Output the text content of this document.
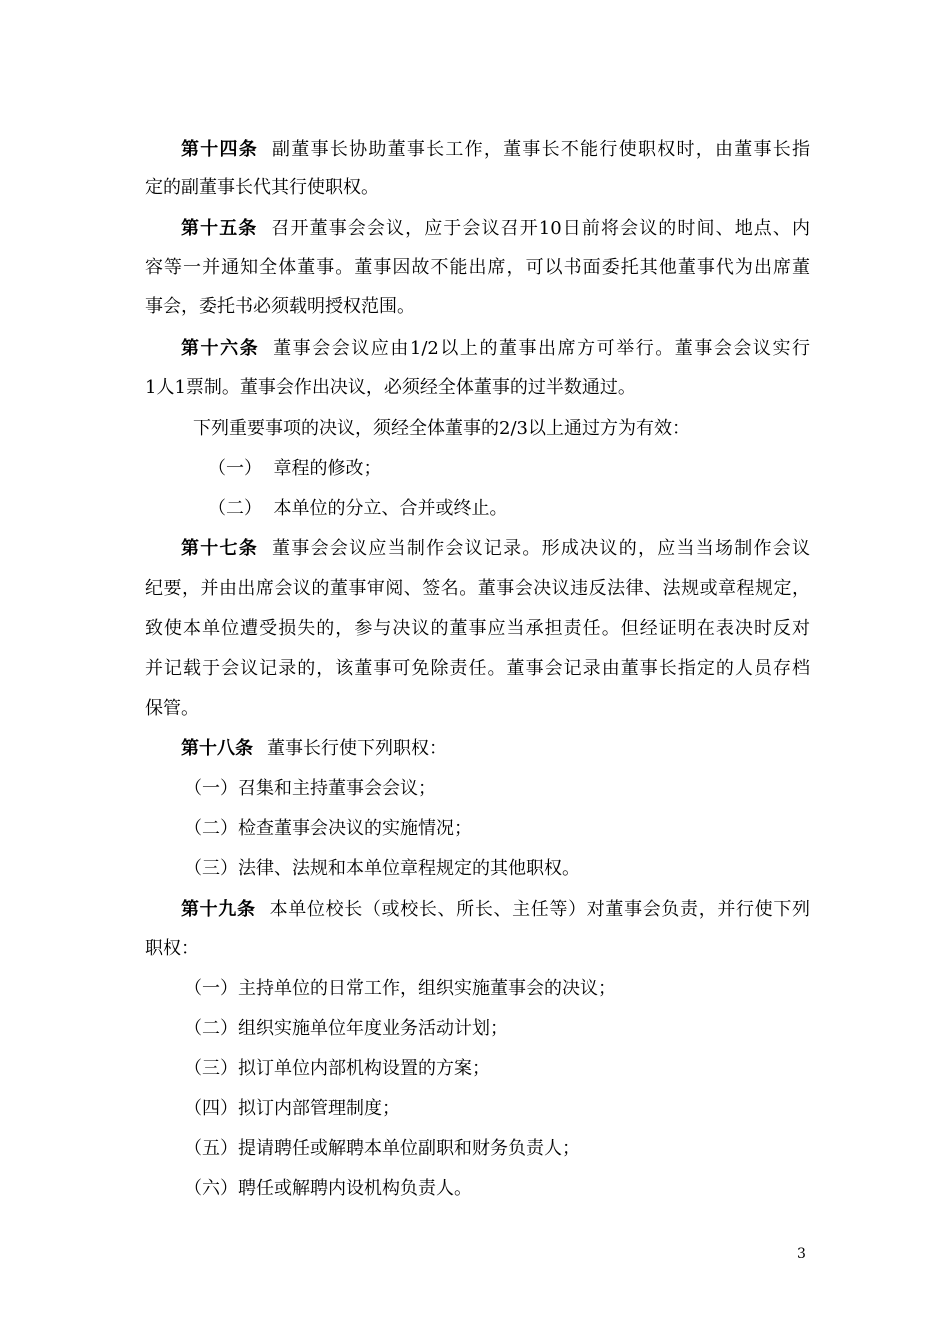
第十四条 副董事长协助董事长工作，董事长不能行使职权时，由董事长指
定的副董事长代其行使职权。
第十五条 召开董事会会议，应于会议召开10日前将会议的时间、地点、内
容等一并通知全体董事。董事因故不能出席，可以书面委托其他董事代为出席董
事会，委托书必须载明授权范围。
第十六条 董事会会议应由1/2以上的董事出席方可举行。董事会会议实行
1人1票制。董事会作出决议，必须经全体董事的过半数通过。
下列重要事项的决议，须经全体董事的2/3以上通过方为有效：
（一）  章程的修改；
（二）  本单位的分立、合并或终止。
第十七条 董事会会议应当制作会议记录。形成决议的，应当当场制作会议
纪要，并由出席会议的董事审阅、签名。董事会决议违反法律、法规或章程规定，
致使本单位遭受损失的，参与决议的董事应当承担责任。但经证明在表决时反对
并记载于会议记录的，该董事可免除责任。董事会记录由董事长指定的人员存档
保管。
第十八条 董事长行使下列职权：
（一）召集和主持董事会会议；
（二）检查董事会决议的实施情况；
（三）法律、法规和本单位章程规定的其他职权。
第十九条 本单位校长（或校长、所长、主任等）对董事会负责，并行使下列
职权：
（一）主持单位的日常工作，组织实施董事会的决议；
（二）组织实施单位年度业务活动计划；
（三）拟订单位内部机构设置的方案；
（四）拟订内部管理制度；
（五）提请聘任或解聘本单位副职和财务负责人；
（六）聘任或解聘内设机构负责人。
3
